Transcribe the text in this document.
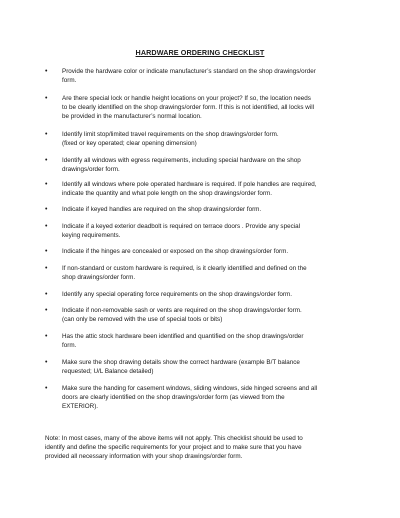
HARDWARE ORDERING CHECKLIST
• Provide the hardware color or indicate manufacturer’s standard on the shop drawings/order
form.
• Are there special lock or handle height locations on your project? If so, the location needs
to be clearly identified on the shop drawings/order form. If this is not identified, all locks will
be provided in the manufacturer’s normal location.
• Identify limit stop/limited travel requirements on the shop drawings/order form.
(fixed or key operated; clear opening dimension)
• Identify all windows with egress requirements, including special hardware on the shop
drawings/order form.
• Identify all windows where pole operated hardware is required. If pole handles are required,
indicate the quantity and what pole length on the shop drawings/order form.
• Indicate if keyed handles are required on the shop drawings/order form.
• Indicate if a keyed exterior deadbolt is required on terrace doors . Provide any special
keying requirements.
• Indicate if the hinges are concealed or exposed on the shop drawings/order form.
• If non-standard or custom hardware is required, is it clearly identified and defined on the
shop drawings/order form.
• Identify any special operating force requirements on the shop drawings/order form.
• Indicate if non-removable sash or vents are required on the shop drawings/order form.
(can only be removed with the use of special tools or bits)
• Has the attic stock hardware been identified and quantified on the shop drawings/order
form.
• Make sure the shop drawing details show the correct hardware (example B/T balance
requested; U/L Balance detailed)
• Make sure the handing for casement windows, sliding windows, side hinged screens and all
doors are clearly identified on the shop drawings/order form (as viewed from the
EXTERIOR).
Note: In most cases, many of the above items will not apply. This checklist should be used to
identify and define the specific requirements for your project and to make sure that you have
provided all necessary information with your shop drawings/order form.
